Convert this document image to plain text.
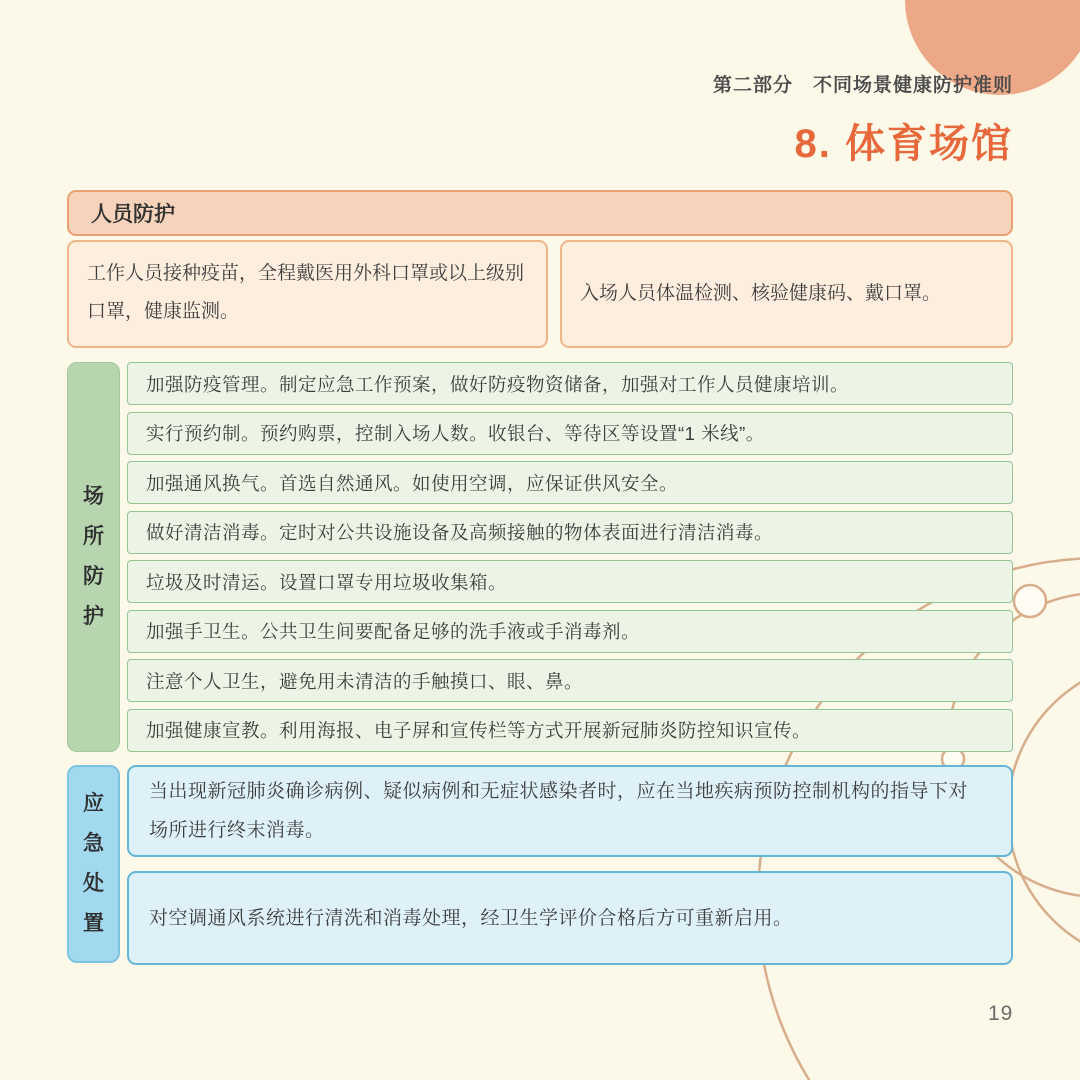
第二部分　不同场景健康防护准则
8. 体育场馆
人员防护
工作人员接种疫苗，全程戴医用外科口罩或以上级别口罩，健康监测。
入场人员体温检测、核验健康码、戴口罩。
场所防护
加强防疫管理。制定应急工作预案，做好防疫物资储备，加强对工作人员健康培训。
实行预约制。预约购票，控制入场人数。收银台、等待区等设置“1 米线”。
加强通风换气。首选自然通风。如使用空调，应保证供风安全。
做好清洁消毒。定时对公共设施设备及高频接触的物体表面进行清洁消毒。
垃圾及时清运。设置口罩专用垃圾收集箱。
加强手卫生。公共卫生间要配备足够的洗手液或手消毒剂。
注意个人卫生，避免用未清洁的手触摸口、眼、鼻。
加强健康宣教。利用海报、电子屏和宣传栏等方式开展新冠肺炎防控知识宣传。
应急处置
当出现新冠肺炎确诊病例、疑似病例和无症状感染者时，应在当地疾病预防控制机构的指导下对场所进行终末消毒。
对空调通风系统进行清洗和消毒处理，经卫生学评价合格后方可重新启用。
19
